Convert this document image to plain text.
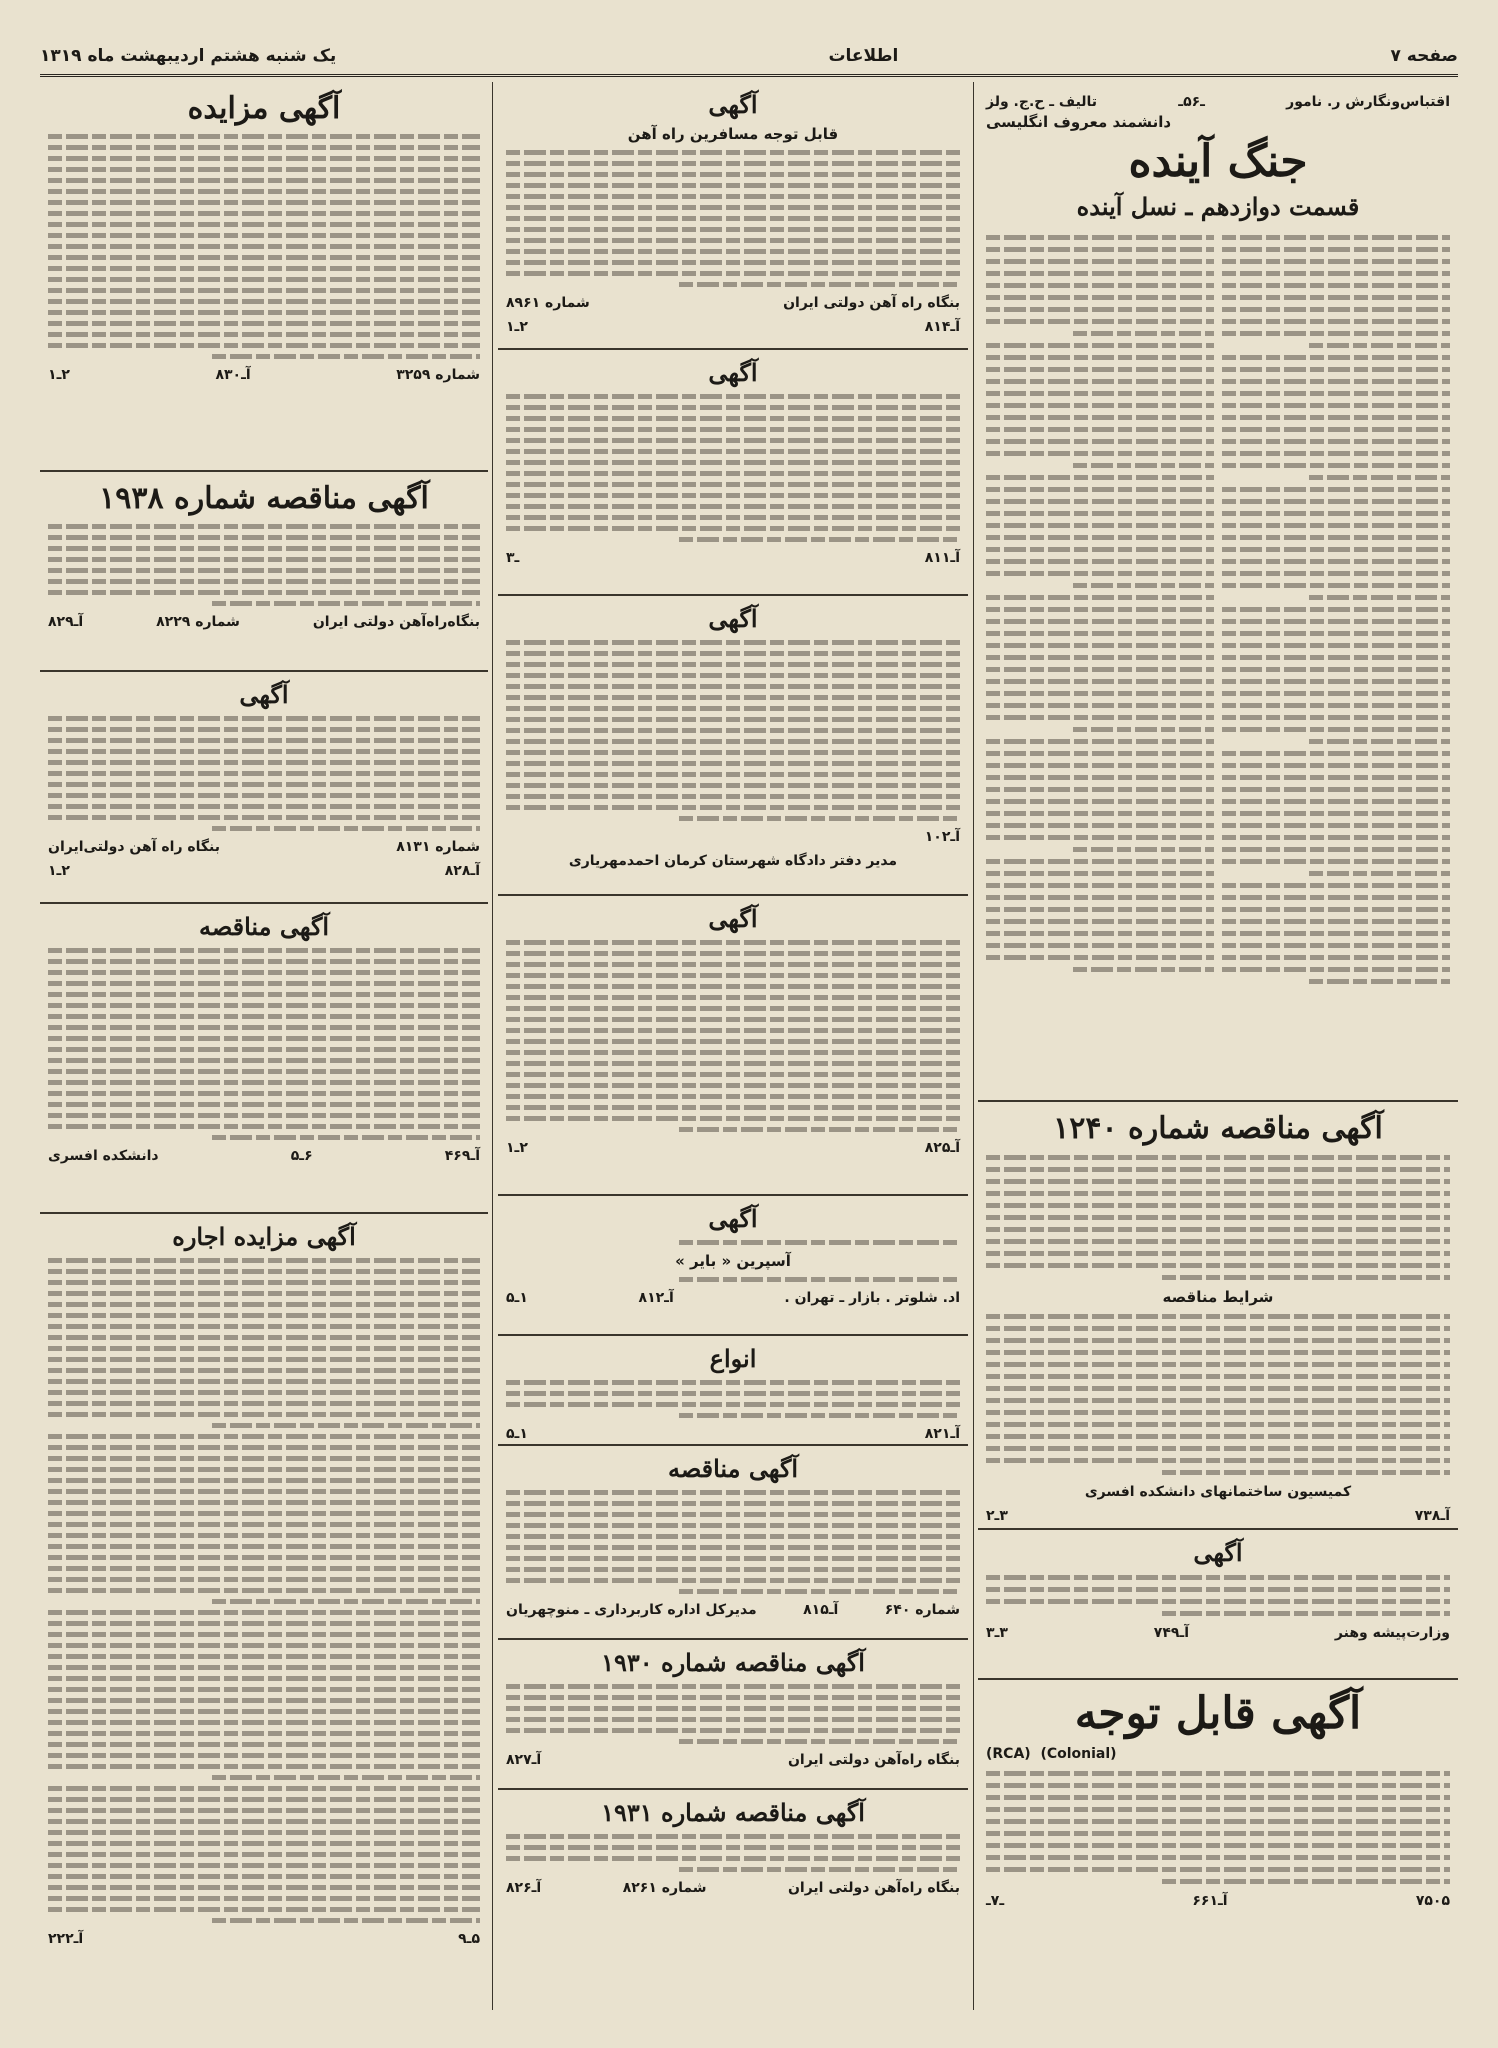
صفحه ۷
اطلاعات
یک شنبه هشتم اردیبهشت ماه ۱۳۱۹
اقتباس‌ونگارش ر. نامور
ـ۵۶ـ
تالیف ـ ح.ج. ولز
دانشمند معروف انگلیسی
جنگ آینده
قسمت دوازدهم ـ نسل آینده
آگهی مناقصه شماره ۱۲۴۰
شرایط مناقصه
کمیسیون ساختمانهای دانشکده افسری
آـ۷۳۸
۳ـ۲
آگهی
وزارت‌پیشه وهنر
آـ۷۴۹
۳ـ۳
آگهی قابل توجه
(RCA) (Colonial)
۷۵۰۵
آـ۶۶۱
ـ۷ـ
آگهی
قابل توجه مسافرین راه آهن
بنگاه راه آهن دولتی ایران
شماره ۸۹۶۱
آـ۸۱۴
۲ـ۱
آگهی
آـ۸۱۱
ـ۳
آگهی
آـ۱۰۲
مدیر دفتر دادگاه شهرستان کرمان احمدمهریاری
آگهی
آـ۸۲۵
۲ـ۱
آگهی
آسپرین « بایر »
اد. شلوتر . بازار ـ تهران .
آـ۸۱۲
۱ـ۵
انواع
آـ۸۲۱
۱ـ۵
آگهی مناقصه
شماره ۶۴۰
آـ۸۱۵
مدیرکل اداره کاربرداری ـ منوچهریان
آگهی مناقصه شماره ۱۹۳۰
بنگاه راه‌آهن دولتی ایران
آـ۸۲۷
آگهی مناقصه شماره ۱۹۳۱
بنگاه راه‌آهن دولتی ایران
شماره ۸۲۶۱
آـ۸۲۶
آگهی مزایده
شماره ۳۲۵۹
آـ۸۳۰
۲ـ۱
آگهی مناقصه شماره ۱۹۳۸
بنگاه‌راه‌آهن دولتی ایران
شماره ۸۲۲۹
آـ۸۲۹
آگهی
شماره ۸۱۳۱
بنگاه راه آهن دولتی‌ایران
آـ۸۲۸
۲ـ۱
آگهی مناقصه
آـ۴۶۹
۶ـ۵
دانشکده افسری
آگهی مزایده اجاره
۵ـ۹
آـ۲۲۲
